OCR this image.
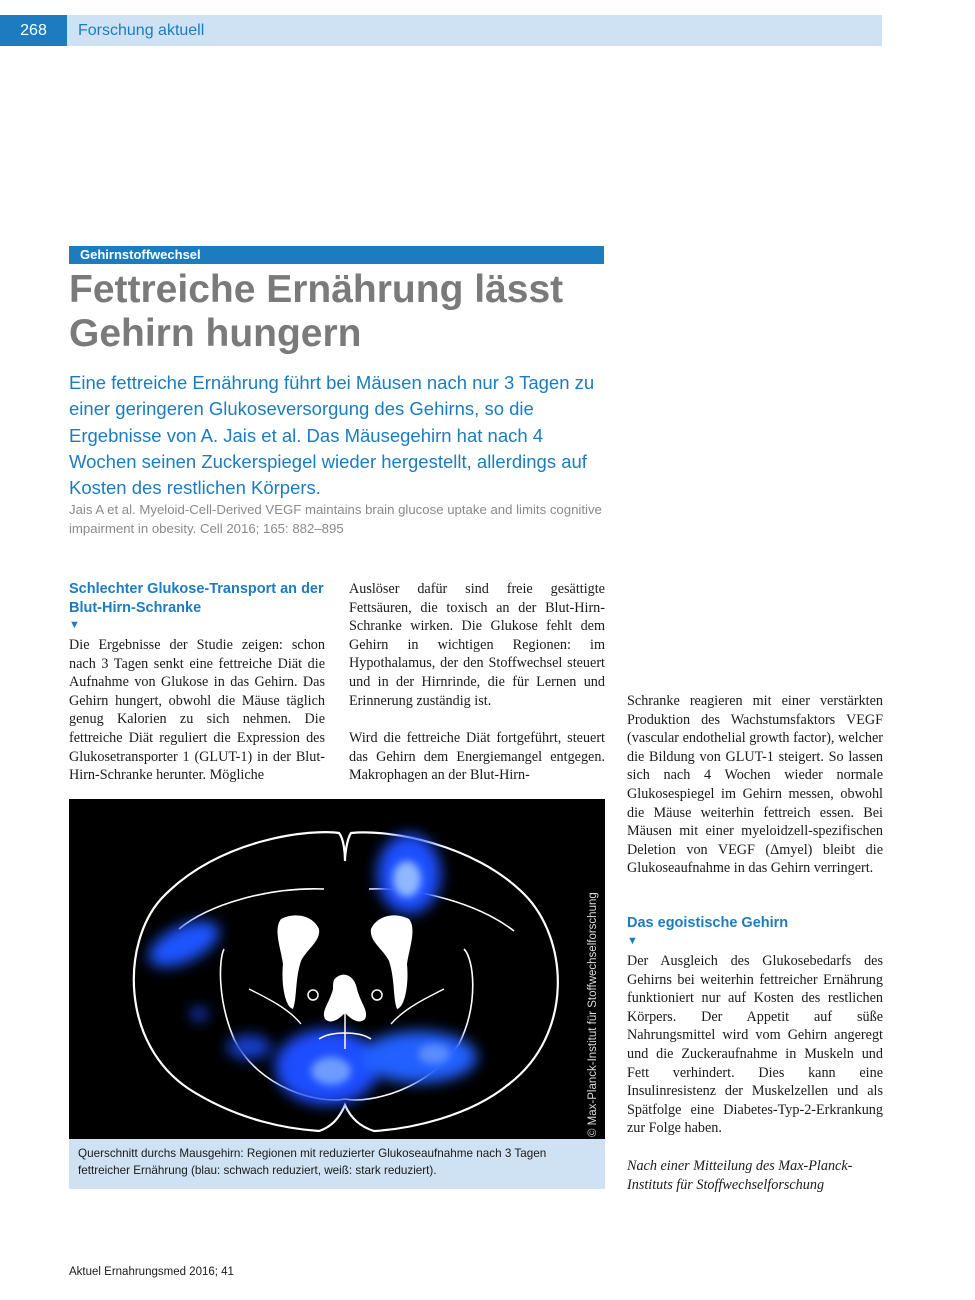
268	Forschung aktuell
Gehirnstoffwechsel
Fettreiche Ernährung lässt
Gehirn hungern

Eine fettreiche Ernährung führt bei Mäusen nach nur 3 Tagen zu einer geringeren Glukoseversorgung des Gehirns, so die Ergebnisse von A. Jais et al. Das Mäusegehirn hat nach 4 Wochen seinen Zuckerspiegel wieder hergestellt, allerdings auf Kosten des restlichen Körpers.

Jais A et al. Myeloid-Cell-Derived VEGF maintains brain glucose uptake and limits cognitive impairment in obesity. Cell 2016; 165: 882–895

Schlechter Glukose-Transport an der Blut-Hirn-Schranke
▼

Die Ergebnisse der Studie zeigen: schon nach 3 Tagen senkt eine fettreiche Diät die Aufnahme von Glukose in das Gehirn. Das Gehirn hungert, obwohl die Mäuse täglich genug Kalorien zu sich nehmen. Die fettreiche Diät reguliert die Expression des Glukosetransporter 1 (GLUT-1) in der Blut-Hirn-Schranke herunter. Mögliche

Auslöser dafür sind freie gesättigte Fettsäuren, die toxisch an der Blut-Hirn-Schranke wirken. Die Glukose fehlt dem Gehirn in wichtigen Regionen: im Hypothalamus, der den Stoffwechsel steuert und in der Hirnrinde, die für Lernen und Erinnerung zuständig ist.

Wird die fettreiche Diät fortgeführt, steuert das Gehirn dem Energiemangel entgegen. Makrophagen an der Blut-Hirn-

Schranke reagieren mit einer verstärkten Produktion des Wachstumsfaktors VEGF (vascular endothelial growth factor), welcher die Bildung von GLUT-1 steigert. So lassen sich nach 4 Wochen wieder normale Glukosespiegel im Gehirn messen, obwohl die Mäuse weiterhin fettreich essen. Bei Mäusen mit einer myeloidzell-spezifischen Deletion von VEGF (Δmyel) bleibt die Glukoseaufnahme in das Gehirn verringert.

Das egoistische Gehirn
▼

Der Ausgleich des Glukosebedarfs des Gehirns bei weiterhin fettreicher Ernährung funktioniert nur auf Kosten des restlichen Körpers. Der Appetit auf süße Nahrungsmittel wird vom Gehirn angeregt und die Zuckeraufnahme in Muskeln und Fett verhindert. Dies kann eine Insulinresistenz der Muskelzellen und als Spätfolge eine Diabetes-Typ-2-Erkrankung zur Folge haben.

Nach einer Mitteilung des Max-Planck-Instituts für Stoffwechselforschung

© Max-Planck-Institut für Stoffwechselforschung

Querschnitt durchs Mausgehirn: Regionen mit reduzierter Glukoseaufnahme nach 3 Tagen fettreicher Ernährung (blau: schwach reduziert, weiß: stark reduziert).

Aktuel Ernahrungsmed 2016; 41
